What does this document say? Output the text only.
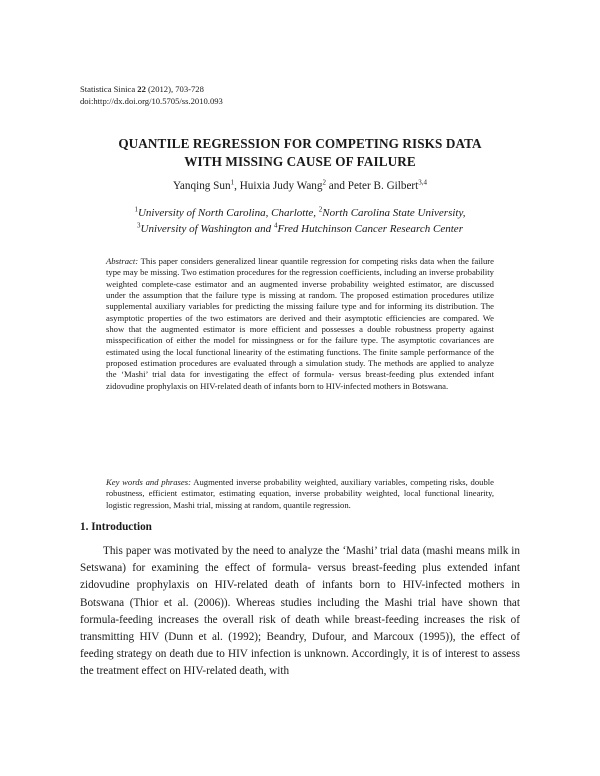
Statistica Sinica 22 (2012), 703-728
doi:http://dx.doi.org/10.5705/ss.2010.093
QUANTILE REGRESSION FOR COMPETING RISKS DATA
WITH MISSING CAUSE OF FAILURE
Yanqing Sun$^1$, Huixia Judy Wang$^2$ and Peter B. Gilbert$^{3,4}$
$^1$University of North Carolina, Charlotte, $^2$North Carolina State University,
$^3$University of Washington and $^4$Fred Hutchinson Cancer Research Center
Abstract: This paper considers generalized linear quantile regression for competing risks data when the failure type may be missing. Two estimation procedures for the regression coefficients, including an inverse probability weighted complete-case estimator and an augmented inverse probability weighted estimator, are discussed under the assumption that the failure type is missing at random. The proposed estimation procedures utilize supplemental auxiliary variables for predicting the missing failure type and for informing its distribution. The asymptotic properties of the two estimators are derived and their asymptotic efficiencies are compared. We show that the augmented estimator is more efficient and possesses a double robustness property against misspecification of either the model for missingness or for the failure type. The asymptotic covariances are estimated using the local functional linearity of the estimating functions. The finite sample performance of the proposed estimation procedures are evaluated through a simulation study. The methods are applied to analyze the ‘Mashi’ trial data for investigating the effect of formula- versus breast-feeding plus extended infant zidovudine prophylaxis on HIV-related death of infants born to HIV-infected mothers in Botswana.
Key words and phrases: Augmented inverse probability weighted, auxiliary variables, competing risks, double robustness, efficient estimator, estimating equation, inverse probability weighted, local functional linearity, logistic regression, Mashi trial, missing at random, quantile regression.
1. Introduction
This paper was motivated by the need to analyze the ‘Mashi’ trial data (mashi means milk in Setswana) for examining the effect of formula- versus breast-feeding plus extended infant zidovudine prophylaxis on HIV-related death of infants born to HIV-infected mothers in Botswana (Thior et al. (2006)). Whereas studies including the Mashi trial have shown that formula-feeding increases the overall risk of death while breast-feeding increases the risk of transmitting HIV (Dunn et al. (1992); Beandry, Dufour, and Marcoux (1995)), the effect of feeding strategy on death due to HIV infection is unknown. Accordingly, it is of interest to assess the treatment effect on HIV-related death, with
